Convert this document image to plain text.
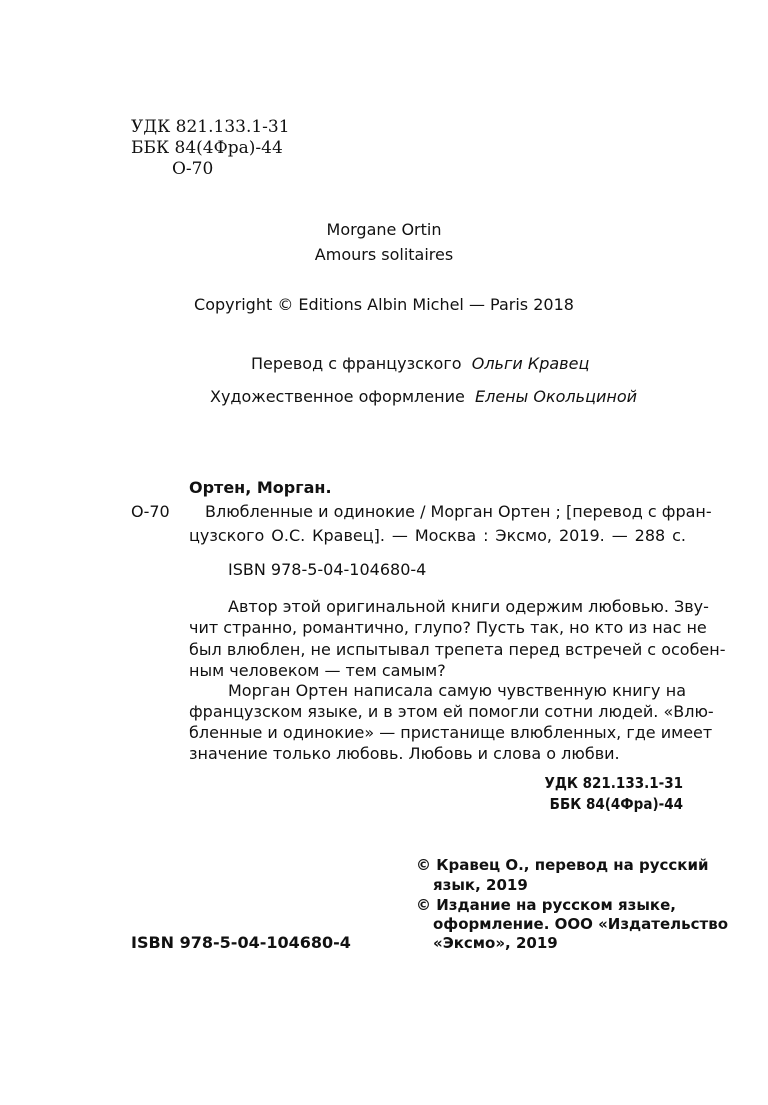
УДК 821.133.1-31
ББК 84(4Фра)-44
О-70
Morgane Ortin
Amours solitaires
Copyright © Editions Albin Michel — Paris 2018
Перевод с французского Ольги Кравец
Художественное оформление Елены Окольциной
Ортен, Морган.
О-70 Влюбленные и одинокие / Морган Ортен ; [перевод с фран-
цузского О.С. Кравец]. — Москва : Эксмо, 2019. — 288 с.
ISBN 978-5-04-104680-4
Автор этой оригинальной книги одержим любовью. Зву-
чит странно, романтично, глупо? Пусть так, но кто из нас не
был влюблен, не испытывал трепета перед встречей с особен-
ным человеком — тем самым?
Морган Ортен написала самую чувственную книгу на
французском языке, и в этом ей помогли сотни людей. «Влю-
бленные и одинокие» — пристанище влюбленных, где имеет
значение только любовь. Любовь и слова о любви.
УДК 821.133.1-31
ББК 84(4Фра)-44
© Кравец О., перевод на русский
язык, 2019
© Издание на русском языке,
оформление. ООО «Издательство
«Эксмо», 2019
ISBN 978-5-04-104680-4
